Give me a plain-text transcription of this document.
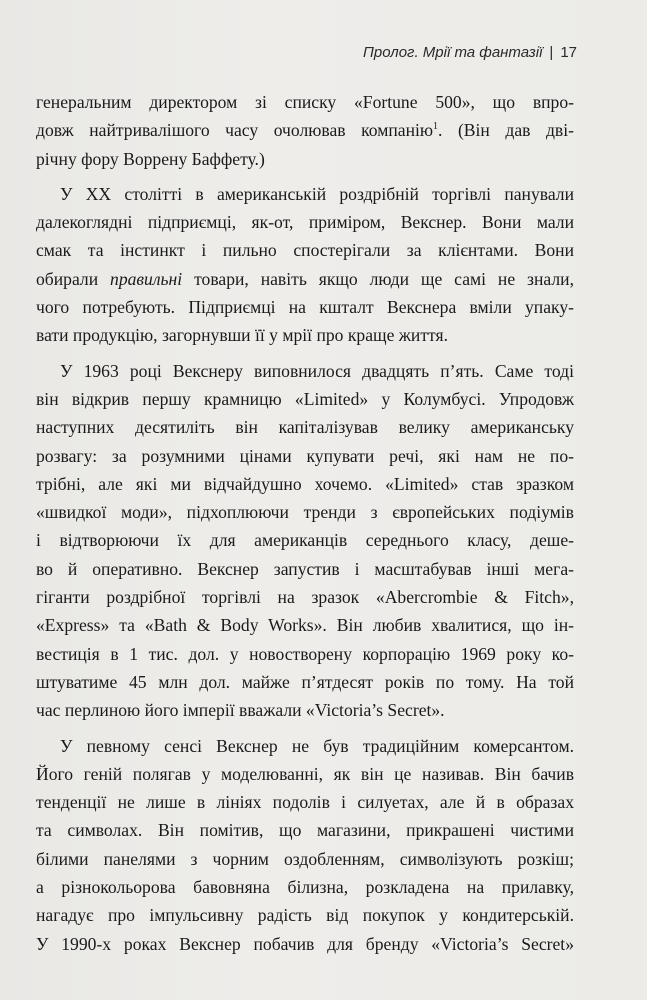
Пролог. Мрії та фантазії | 17
генеральним директором зі списку «Fortune 500», що впро-
довж найтривалішого часу очолював компанію$^1$. (Він дав дві-
річну фору Воррену Баффету.)
У XX столітті в американській роздрібній торгівлі панували
далекоглядні підприємці, як-от, приміром, Векснер. Вони мали
смак та інстинкт і пильно спостерігали за клієнтами. Вони
обирали правильні товари, навіть якщо люди ще самі не знали,
чого потребують. Підприємці на кшталт Векснера вміли упаку-
вати продукцію, загорнувши її у мрії про краще життя.
У 1963 році Векснеру виповнилося двадцять п’ять. Саме тоді
він відкрив першу крамницю «Limited» у Колумбусі. Упродовж
наступних десятиліть він капіталізував велику американську
розвагу: за розумними цінами купувати речі, які нам не по-
трібні, але які ми відчайдушно хочемо. «Limited» став зразком
«швидкої моди», підхоплюючи тренди з європейських подіумів
і відтворюючи їх для американців середнього класу, деше-
во й оперативно. Векснер запустив і масштабував інші мега-
гіганти роздрібної торгівлі на зразок «Abercrombie & Fitch»,
«Express» та «Bath & Body Works». Він любив хвалитися, що ін-
вестиція в 1 тис. дол. у новостворену корпорацію 1969 року ко-
штуватиме 45 млн дол. майже п’ятдесят років по тому. На той
час перлиною його імперії вважали «Victoria’s Secret».
У певному сенсі Векснер не був традиційним комерсантом.
Його геній полягав у моделюванні, як він це називав. Він бачив
тенденції не лише в лініях подолів і силуетах, але й в образах
та символах. Він помітив, що магазини, прикрашені чистими
білими панелями з чорним оздобленням, символізують розкіш;
а різнокольорова бавовняна білизна, розкладена на прилавку,
нагадує про імпульсивну радість від покупок у кондитерській.
У 1990-х роках Векснер побачив для бренду «Victoria’s Secret»
